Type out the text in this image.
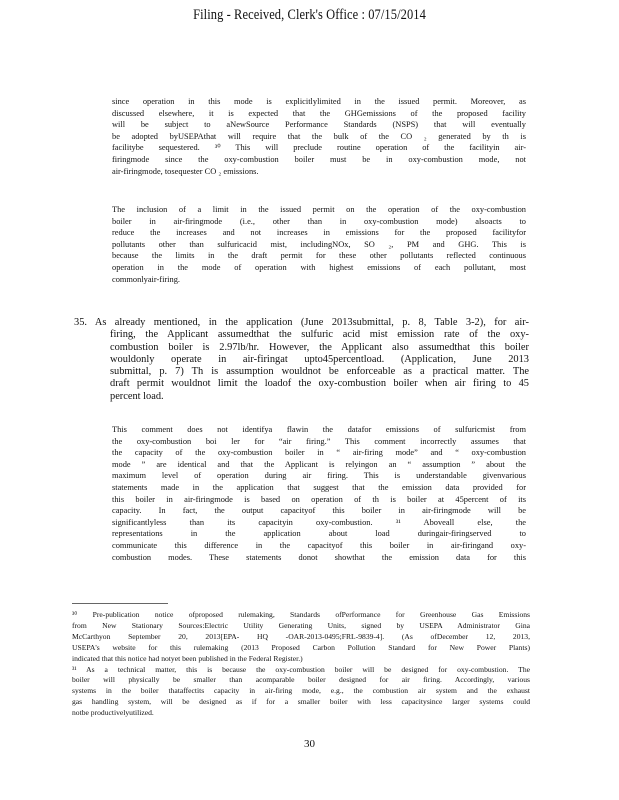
Filing - Received, Clerk's Office : 07/15/2014
since operation in this mode is explicitlylimited in the issued permit. Moreover, as
discussed elsewhere, it is expected that the GHGemissions of the proposed facility
will be subject to aNewSource Performance Standards (NSPS) that will eventually
be adopted byUSEPAthat will require that the bulk of the CO ₂ generated by th is
facilitybe sequestered. ³⁰ This will preclude routine operation of the facilityin air-
firingmode since the oxy-combustion boiler must be in oxy-combustion mode, not
air-firingmode, tosequester CO ₂ emissions.
The inclusion of a limit in the issued permit on the operation of the oxy-combustion
boiler in air-firingmode (i.e., other than in oxy-combustion mode) alsoacts to
reduce the increases and not increases in emissions for the proposed facilityfor
pollutants other than sulfuricacid mist, includingNOx, SO ₂, PM and GHG. This is
because the limits in the draft permit for these other pollutants reflected continuous
operation in the mode of operation with highest emissions of each pollutant, most
commonlyair-firing.
35. As already mentioned, in the application (June 2013submittal, p. 8, Table 3-2), for air-
firing, the Applicant assumedthat the sulfuric acid mist emission rate of the oxy-
combustion boiler is 2.97lb/hr. However, the Applicant also assumedthat this boiler
wouldonly operate in air-firingat upto45percentload. (Application, June 2013
submittal, p. 7) Th is assumption wouldnot be enforceable as a practical matter. The
draft permit wouldnot limit the loadof the oxy-combustion boiler when air firing to 45
percent load.
This comment does not identifya flawin the datafor emissions of sulfuricmist from
the oxy-combustion boi ler for “air firing.” This comment incorrectly assumes that
the capacity of the oxy-combustion boiler in “ air-firing mode” and “ oxy-combustion
mode ” are identical and that the Applicant is relyingon an “ assumption ” about the
maximum level of operation during air firing. This is understandable givenvarious
statements made in the application that suggest that the emission data provided for
this boiler in air-firingmode is based on operation of th is boiler at 45percent of its
capacity. In fact, the output capacityof this boiler in air-firingmode will be
significantlyless than its capacityin oxy-combustion. ³¹ Aboveall else, the
representations in the application about load duringair-firingserved to
communicate this difference in the capacityof this boiler in air-firingand oxy-
combustion modes. These statements donot showthat the emission data for this
³⁰ Pre-publication notice ofproposed rulemaking, Standards ofPerformance for Greenhouse Gas Emissions
from New Stationary Sources:Electric Utility Generating Units, signed by USEPA Administrator Gina
McCarthyon September 20, 2013[EPA- HQ -OAR-2013-0495;FRL-9839-4]. (As ofDecember 12, 2013,
USEPA's website for this rulemaking (2013 Proposed Carbon Pollution Standard for New Power Plants)
indicated that this notice had notyet been published in the Federal Register.)
³¹ As a technical matter, this is because the oxy-combustion boiler will be designed for oxy-combustion. The
boiler will physically be smaller than acomparable boiler designed for air firing. Accordingly, various
systems in the boiler thataffectits capacity in air-firing mode, e.g., the combustion air system and the exhaust
gas handling system, will be designed as if for a smaller boiler with less capacitysince larger systems could
notbe productivelyutilized.
30
